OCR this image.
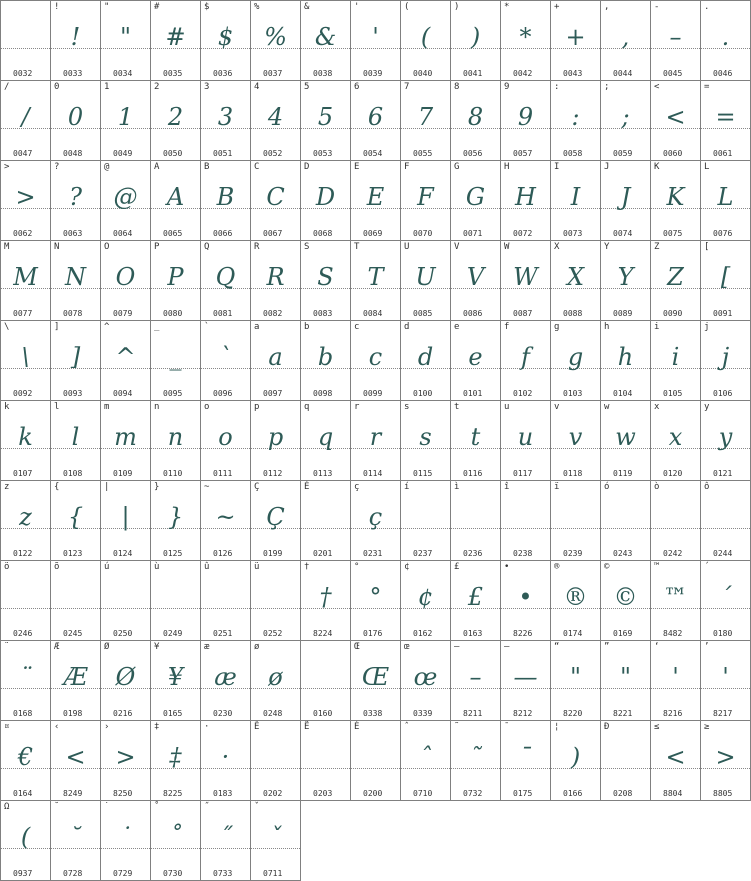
0032
!
!
0033
"
"
0034
#
#
0035
$
$
0036
%
%
0037
&
&
0038
'
'
0039
(
(
0040
)
)
0041
*
*
0042
+
+
0043
,
,
0044
-
–
0045
.
.
0046
/
/
0047
0
0
0048
1
1
0049
2
2
0050
3
3
0051
4
4
0052
5
5
0053
6
6
0054
7
7
0055
8
8
0056
9
9
0057
:
:
0058
;
;
0059
<
<
0060
=
=
0061
>
>
0062
?
?
0063
@
@
0064
A
A
0065
B
B
0066
C
C
0067
D
D
0068
E
E
0069
F
F
0070
G
G
0071
H
H
0072
I
I
0073
J
J
0074
K
K
0075
L
L
0076
M
M
0077
N
N
0078
O
O
0079
P
P
0080
Q
Q
0081
R
R
0082
S
S
0083
T
T
0084
U
U
0085
V
V
0086
W
W
0087
X
X
0088
Y
Y
0089
Z
Z
0090
[
[
0091
\
\
0092
]
]
0093
^
^
0094
_
_
0095
`
`
0096
a
a
0097
b
b
0098
c
c
0099
d
d
0100
e
e
0101
f
f
0102
g
g
0103
h
h
0104
i
i
0105
j
j
0106
k
k
0107
l
l
0108
m
m
0109
n
n
0110
o
o
0111
p
p
0112
q
q
0113
r
r
0114
s
s
0115
t
t
0116
u
u
0117
v
v
0118
w
w
0119
x
x
0120
y
y
0121
z
z
0122
{
{
0123
|
|
0124
}
}
0125
~
~
0126
Ç
Ç
0199
É
0201
ç
ç
0231
í
0237
ì
0236
î
0238
ï
0239
ó
0243
ò
0242
ô
0244
ö
0246
õ
0245
ú
0250
ù
0249
û
0251
ü
0252
†
†
8224
°
°
0176
¢
¢
0162
£
£
0163
•
•
8226
®
®
0174
©
©
0169
™
™
8482
´
´
0180
¨
¨
0168
Æ
Æ
0198
Ø
Ø
0216
¥
¥
0165
æ
æ
0230
ø
ø
0248	0160
Œ
Œ
0338
œ
œ
0339
–
–
8211
—
—
8212
“
"
8220
”
"
8221
‘
'
8216
’
'
8217
¤
€
0164
‹
<
8249
›
>
8250
‡
‡
8225
·
·
0183
Ê
0202
Ë
0203
È
0200
ˆ
ˆ
0710
˜
˜
0732
¯
¯
0175
¦
)
0166
Ð
0208
≤
<
8804
≥
>
8805
Ω
(
0937
˘
˘
0728
˙
˙
0729
˚
˚
0730
˝
˝
0733
ˇ
ˇ
0711
